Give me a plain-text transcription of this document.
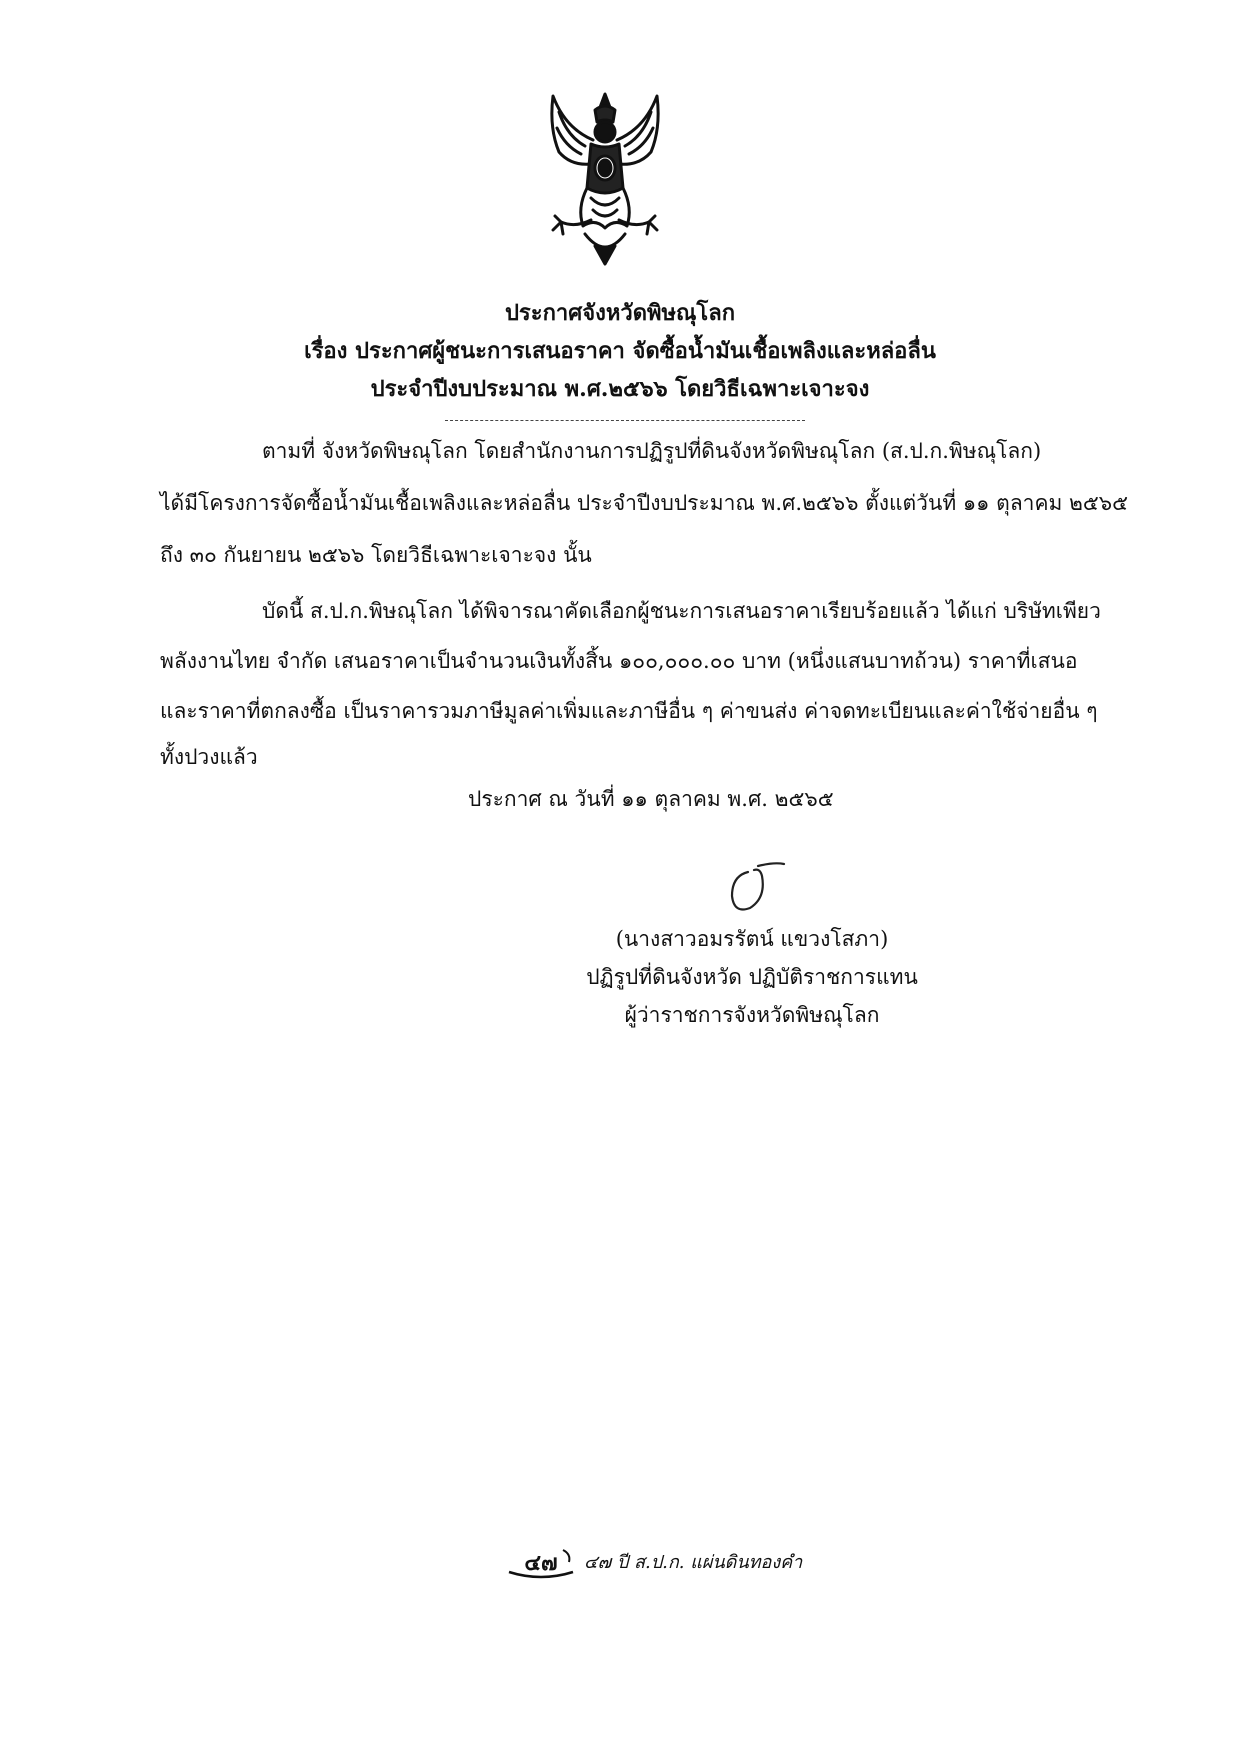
ประกาศจังหวัดพิษณุโลก
เรื่อง ประกาศผู้ชนะการเสนอราคา จัดซื้อน้ำมันเชื้อเพลิงและหล่อลื่น
ประจำปีงบประมาณ พ.ศ.๒๕๖๖ โดยวิธีเฉพาะเจาะจง
ตามที่ จังหวัดพิษณุโลก โดยสำนักงานการปฏิรูปที่ดินจังหวัดพิษณุโลก (ส.ป.ก.พิษณุโลก)
ได้มีโครงการจัดซื้อน้ำมันเชื้อเพลิงและหล่อลื่น ประจำปีงบประมาณ พ.ศ.๒๕๖๖ ตั้งแต่วันที่ ๑๑ ตุลาคม ๒๕๖๕
ถึง ๓๐ กันยายน ๒๕๖๖ โดยวิธีเฉพาะเจาะจง นั้น
บัดนี้ ส.ป.ก.พิษณุโลก ได้พิจารณาคัดเลือกผู้ชนะการเสนอราคาเรียบร้อยแล้ว ได้แก่ บริษัทเพียว
พลังงานไทย จำกัด เสนอราคาเป็นจำนวนเงินทั้งสิ้น ๑๐๐,๐๐๐.๐๐ บาท (หนึ่งแสนบาทถ้วน) ราคาที่เสนอ
และราคาที่ตกลงซื้อ เป็นราคารวมภาษีมูลค่าเพิ่มและภาษีอื่น ๆ ค่าขนส่ง ค่าจดทะเบียนและค่าใช้จ่ายอื่น ๆ
ทั้งปวงแล้ว
ประกาศ ณ วันที่ ๑๑ ตุลาคม พ.ศ. ๒๕๖๕
(นางสาวอมรรัตน์ แขวงโสภา)
ปฏิรูปที่ดินจังหวัด ปฏิบัติราชการแทน
ผู้ว่าราชการจังหวัดพิษณุโลก
๔๗ ๔๗ ปี ส.ป.ก. แผ่นดินทองคำ
